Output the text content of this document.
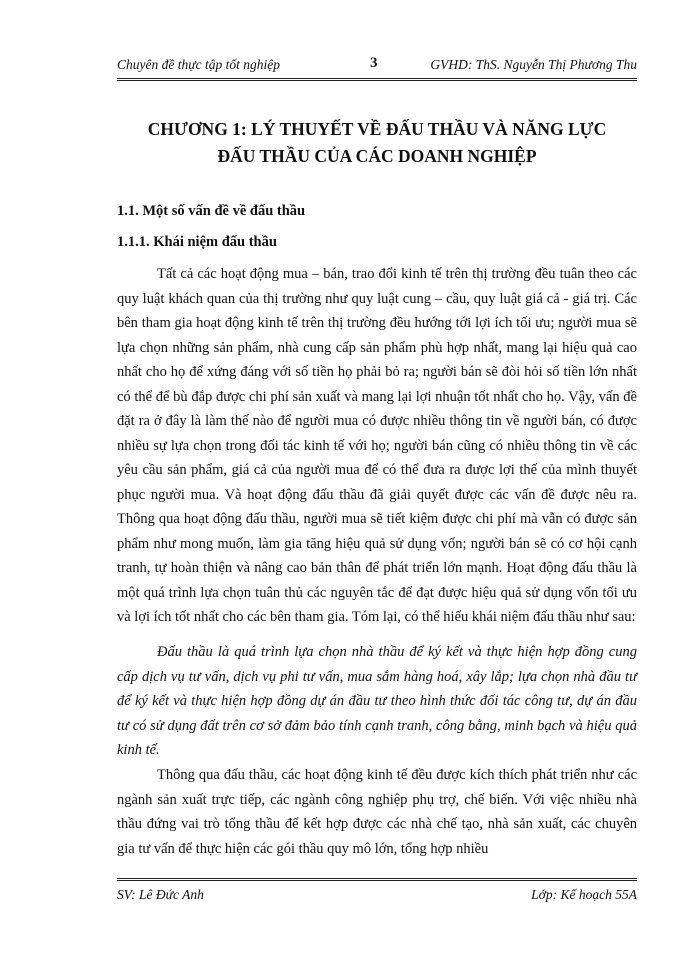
Chuyên đề thực tập tốt nghiệp	3	GVHD: ThS. Nguyễn Thị Phương Thu
CHƯƠNG 1: LÝ THUYẾT VỀ ĐẤU THẦU VÀ NĂNG LỰC
ĐẤU THẦU CỦA CÁC DOANH NGHIỆP
1.1. Một số vấn đề về đấu thầu
1.1.1. Khái niệm đấu thầu

Tất cả các hoạt động mua – bán, trao đổi kinh tế trên thị trường đều tuân theo các quy luật khách quan của thị trường như quy luật cung – cầu, quy luật giá cả - giá trị. Các bên tham gia hoạt động kinh tế trên thị trường đều hướng tới lợi ích tối ưu; người mua sẽ lựa chọn những sản phẩm, nhà cung cấp sản phẩm phù hợp nhất, mang lại hiệu quả cao nhất cho họ để xứng đáng với số tiền họ phải bỏ ra; người bán sẽ đòi hỏi số tiền lớn nhất có thể để bù đắp được chi phí sản xuất và mang lại lợi nhuận tốt nhất cho họ. Vậy, vấn đề đặt ra ở đây là làm thế nào để người mua có được nhiều thông tin về người bán, có được nhiều sự lựa chọn trong đối tác kinh tế với họ; người bán cũng có nhiều thông tin về các yêu cầu sản phẩm, giá cả của người mua để có thể đưa ra được lợi thế của mình thuyết phục người mua. Và hoạt động đấu thầu đã giải quyết được các vấn đề được nêu ra. Thông qua hoạt động đấu thầu, người mua sẽ tiết kiệm được chi phí mà vẫn có được sản phẩm như mong muốn, làm gia tăng hiệu quả sử dụng vốn; người bán sẽ có cơ hội cạnh tranh, tự hoàn thiện và nâng cao bản thân để phát triển lớn mạnh. Hoạt động đấu thầu là một quá trình lựa chọn tuân thủ các nguyên tắc để đạt được hiệu quả sử dụng vốn tối ưu và lợi ích tốt nhất cho các bên tham gia. Tóm lại, có thể hiểu khái niệm đấu thầu như sau:

Đấu thầu là quá trình lựa chọn nhà thầu để ký kết và thực hiện hợp đồng cung cấp dịch vụ tư vấn, dịch vụ phi tư vấn, mua sắm hàng hoá, xây lắp; lựa chọn nhà đầu tư để ký kết và thực hiện hợp đồng dự án đầu tư theo hình thức đối tác công tư, dự án đầu tư có sử dụng đất trên cơ sở đảm bảo tính cạnh tranh, công bằng, minh bạch và hiệu quả kinh tế.

Thông qua đấu thầu, các hoạt động kinh tế đều được kích thích phát triển như các ngành sản xuất trực tiếp, các ngành công nghiệp phụ trợ, chế biến. Với việc nhiều nhà thầu đứng vai trò tổng thầu để kết hợp được các nhà chế tạo, nhà sản xuất, các chuyên gia tư vấn để thực hiện các gói thầu quy mô lớn, tổng hợp nhiều

SV: Lê Đức Anh	Lớp: Kế hoạch 55A
